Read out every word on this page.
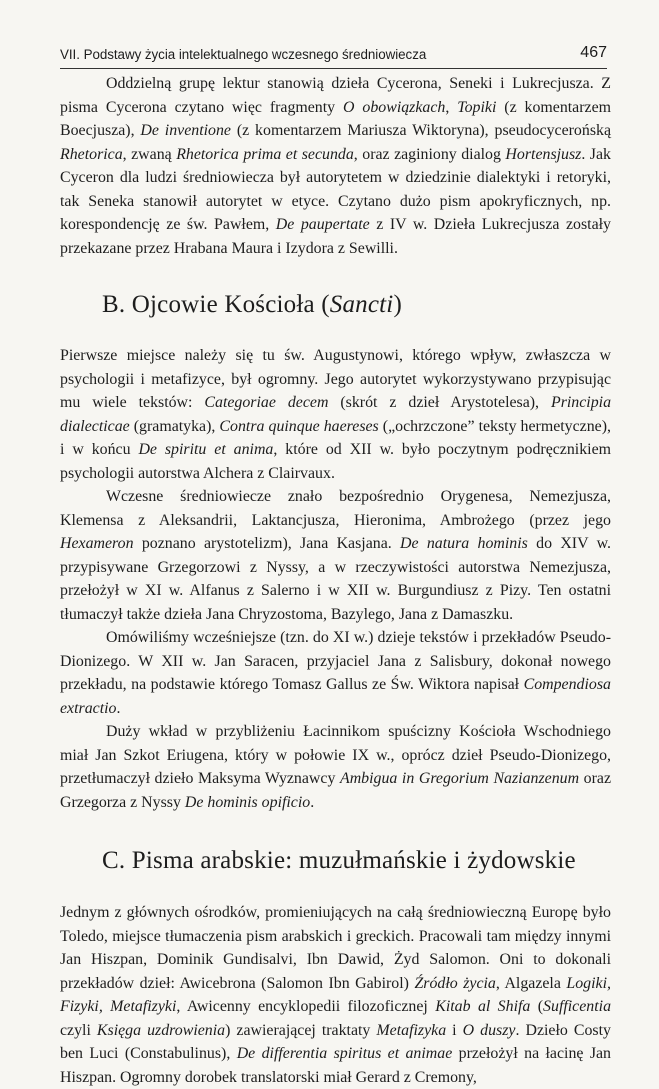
VII. Podstawy życia intelektualnego wczesnego średniowiecza	467

Oddzielną grupę lektur stanowią dzieła Cycerona, Seneki i Lukrecjusza. Z pisma Cycerona czytano więc fragmenty O obowiązkach, Topiki (z komentarzem Boecjusza), De inventione (z komentarzem Mariusza Wiktoryna), pseudocycerońską Rhetorica, zwaną Rhetorica prima et secunda, oraz zaginiony dialog Hortensjusz. Jak Cyceron dla ludzi średniowiecza był autorytetem w dziedzinie dialektyki i retoryki, tak Seneka stanowił autorytet w etyce. Czytano dużo pism apokryficznych, np. korespondencję ze św. Pawłem, De paupertate z IV w. Dzieła Lukrecjusza zostały przekazane przez Hrabana Maura i Izydora z Sewilli.

B. Ojcowie Kościoła (Sancti)

Pierwsze miejsce należy się tu św. Augustynowi, którego wpływ, zwłaszcza w psychologii i metafizyce, był ogromny. Jego autorytet wykorzystywano przypisując mu wiele tekstów: Categoriae decem (skrót z dzieł Arystotelesa), Principia dialecticae (gramatyka), Contra quinque haereses („ochrzczone” teksty hermetyczne), i w końcu De spiritu et anima, które od XII w. było poczytnym podręcznikiem psychologii autorstwa Alchera z Clairvaux.

Wczesne średniowiecze znało bezpośrednio Orygenesa, Nemezjusza, Klemensa z Aleksandrii, Laktancjusza, Hieronima, Ambrożego (przez jego Hexameron poznano arystotelizm), Jana Kasjana. De natura hominis do XIV w. przypisywane Grzegorzowi z Nyssy, a w rzeczywistości autorstwa Nemezjusza, przełożył w XI w. Alfanus z Salerno i w XII w. Burgundiusz z Pizy. Ten ostatni tłumaczył także dzieła Jana Chryzostoma, Bazylego, Jana z Damaszku.

Omówiliśmy wcześniejsze (tzn. do XI w.) dzieje tekstów i przekładów Pseudo-Dionizego. W XII w. Jan Saracen, przyjaciel Jana z Salisbury, dokonał nowego przekładu, na podstawie którego Tomasz Gallus ze Św. Wiktora napisał Compendiosa extractio.

Duży wkład w przybliżeniu Łacinnikom spuścizny Kościoła Wschodniego miał Jan Szkot Eriugena, który w połowie IX w., oprócz dzieł Pseudo-Dionizego, przetłumaczył dzieło Maksyma Wyznawcy Ambigua in Gregorium Nazianzenum oraz Grzegorza z Nyssy De hominis opificio.

C. Pisma arabskie: muzułmańskie i żydowskie

Jednym z głównych ośrodków, promieniujących na całą średniowieczną Europę było Toledo, miejsce tłumaczenia pism arabskich i greckich. Pracowali tam między innymi Jan Hiszpan, Dominik Gundisalvi, Ibn Dawid, Żyd Salomon. Oni to dokonali przekładów dzieł: Awicebrona (Salomon Ibn Gabirol) Źródło życia, Algazela Logiki, Fizyki, Metafizyki, Awicenny encyklopedii filozoficznej Kitab al Shifa (Sufficentia czyli Księga uzdrowienia) zawierającej traktaty Metafizyka i O duszy. Dzieło Costy ben Luci (Constabulinus), De differentia spiritus et animae przełożył na łacinę Jan Hiszpan. Ogromny dorobek translatorski miał Gerard z Cremony,
